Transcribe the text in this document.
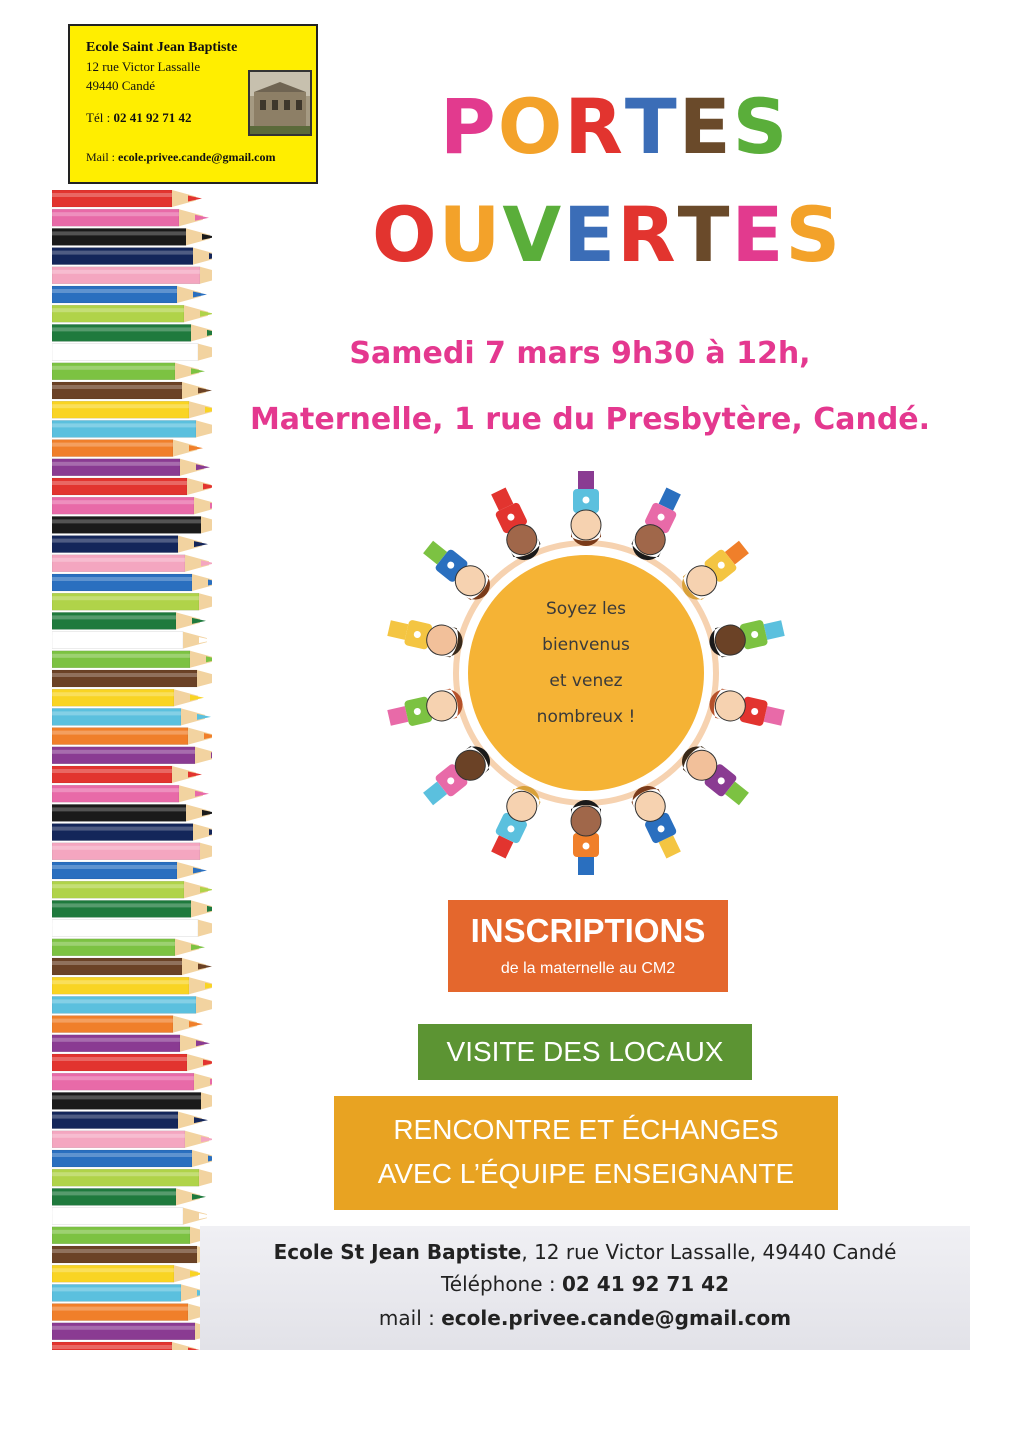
Ecole Saint Jean Baptiste
12 rue Victor Lassalle
49440 Candé
Tél : 02 41 92 71 42
Mail : ecole.privee.cande@gmail.com PORTES
OUVERTES
Samedi 7 mars 9h30 à 12h,
Maternelle, 1 rue du Presbytère, Candé.
Soyez les
bienvenus
et venez
nombreux !
INSCRIPTIONS
de la maternelle au CM2
VISITE DES LOCAUX
RENCONTRE ET ÉCHANGES
AVEC L’ÉQUIPE ENSEIGNANTE
Ecole St Jean Baptiste, 12 rue Victor Lassalle, 49440 Candé
Téléphone : 02 41 92 71 42
mail : ecole.privee.cande@gmail.com
